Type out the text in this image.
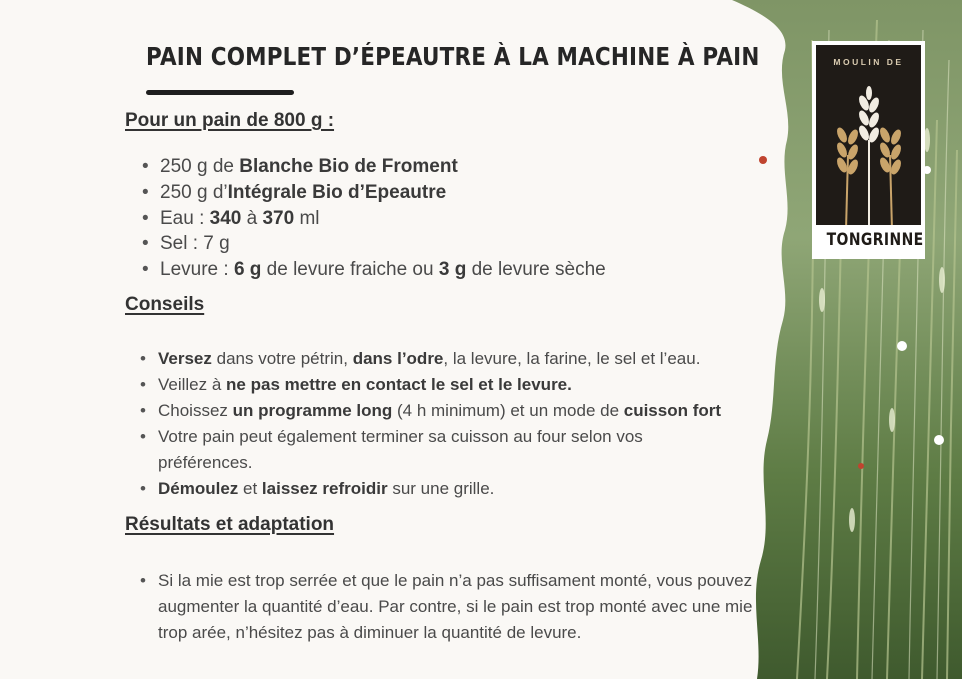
PAIN COMPLET D’ÉPEAUTRE À LA MACHINE À PAIN
Pour un pain de 800 g :
• 250 g de Blanche Bio de Froment
• 250 g d’Intégrale Bio d’Epeautre
• Eau : 340 à 370 ml
• Sel : 7 g
• Levure : 6 g de levure fraiche ou 3 g de levure sèche
Conseils
• Versez dans votre pétrin, dans l’odre, la levure, la farine, le sel et l’eau.
• Veillez à ne pas mettre en contact le sel et le levure.
• Choissez un programme long (4 h minimum) et un mode de cuisson fort
• Votre pain peut également terminer sa cuisson au four selon vos préférences.
• Démoulez et laissez refroidir sur une grille.
Résultats et adaptation
• Si la mie est trop serrée et que le pain n’a pas suffisament monté, vous pouvez augmenter la quantité d’eau. Par contre, si le pain est trop monté avec une mie trop arée, n’hésitez pas à diminuer la quantité de levure.
MOULIN DE
TONGRINNE
